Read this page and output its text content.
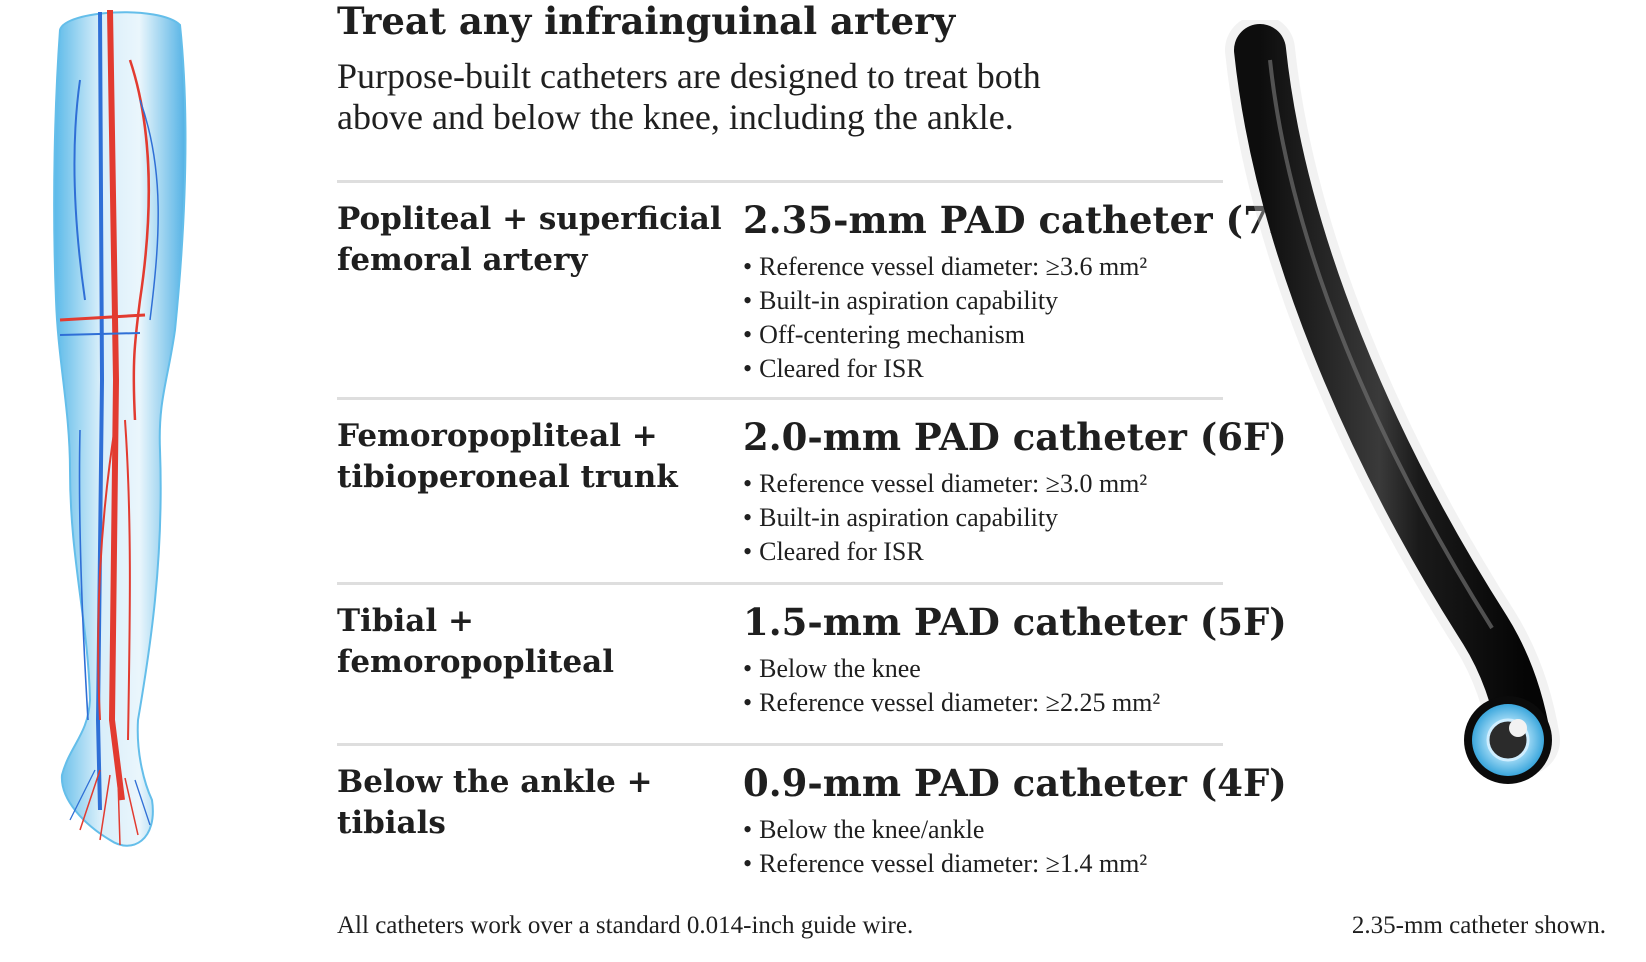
Treat any infrainguinal artery
Purpose-built catheters are designed to treat both
above and below the knee, including the ankle.
Popliteal + superficial
femoral artery
2.35-mm PAD catheter (7F)
• Reference vessel diameter: ≥3.6 mm²
• Built-in aspiration capability
• Off-centering mechanism
• Cleared for ISR
Femoropopliteal +
tibioperoneal trunk
2.0-mm PAD catheter (6F)
• Reference vessel diameter: ≥3.0 mm²
• Built-in aspiration capability
• Cleared for ISR
Tibial +
femoropopliteal
1.5-mm PAD catheter (5F)
• Below the knee
• Reference vessel diameter: ≥2.25 mm²
Below the ankle +
tibials
0.9-mm PAD catheter (4F)
• Below the knee/ankle
• Reference vessel diameter: ≥1.4 mm²
All catheters work over a standard 0.014-inch guide wire.	2.35-mm catheter shown.
